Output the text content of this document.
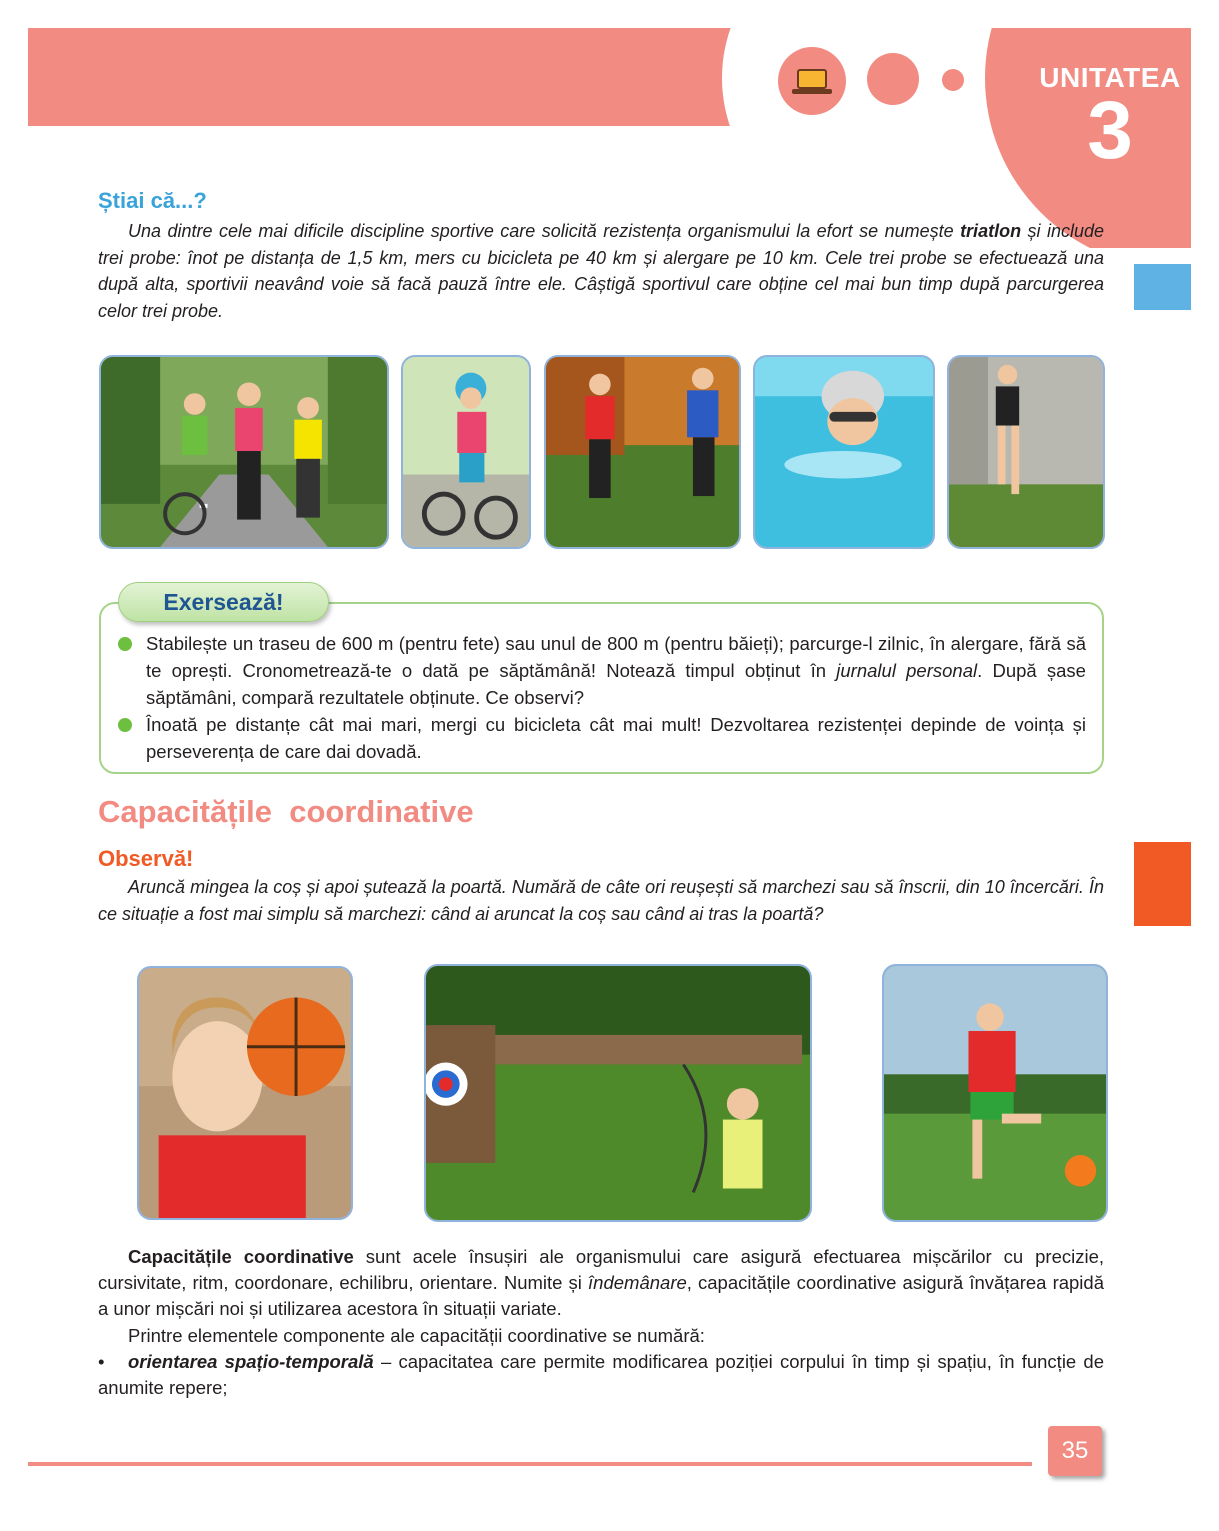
UNITATEA
3
Știai că...?
Una dintre cele mai dificile discipline sportive care solicită rezistența organismului la efort se numește triatlon și include trei probe: înot pe distanța de 1,5 km, mers cu bicicleta pe 40 km și alergare pe 10 km. Cele trei probe se efectuează una după alta, sportivii neavând voie să facă pauză între ele. Câștigă sportivul care obține cel mai bun timp după parcurgerea celor trei probe.
Exersează!
Stabilește un traseu de 600 m (pentru fete) sau unul de 800 m (pentru băieți); parcurge-l zilnic, în alergare, fără să te oprești. Cronometrează-te o dată pe săptămână! Notează timpul obținut în jurnalul personal. După șase săptămâni, compară rezultatele obținute. Ce observi?
Înoată pe distanțe cât mai mari, mergi cu bicicleta cât mai mult! Dezvoltarea rezistenței depinde de voința și perseverența de care dai dovadă.
Capacitățile  coordinative
Observă!
Aruncă mingea la coș și apoi șutează la poartă. Numără de câte ori reușești să marchezi sau să înscrii, din 10 încercări. În ce situație a fost mai simplu să marchezi: când ai aruncat la coș sau când ai tras la poartă?
Capacitățile coordinative sunt acele însușiri ale organismului care asigură efectuarea mișcărilor cu precizie, cursivitate, ritm, coordonare, echilibru, orientare. Numite și îndemânare, capacitățile coordinative asigură învățarea rapidă a unor mișcări noi și utilizarea acestora în situații variate.
Printre elementele componente ale capacității coordinative se numără:
• orientarea spațio-temporală – capacitatea care permite modificarea poziției corpului în timp și spațiu, în funcție de anumite repere;
35
